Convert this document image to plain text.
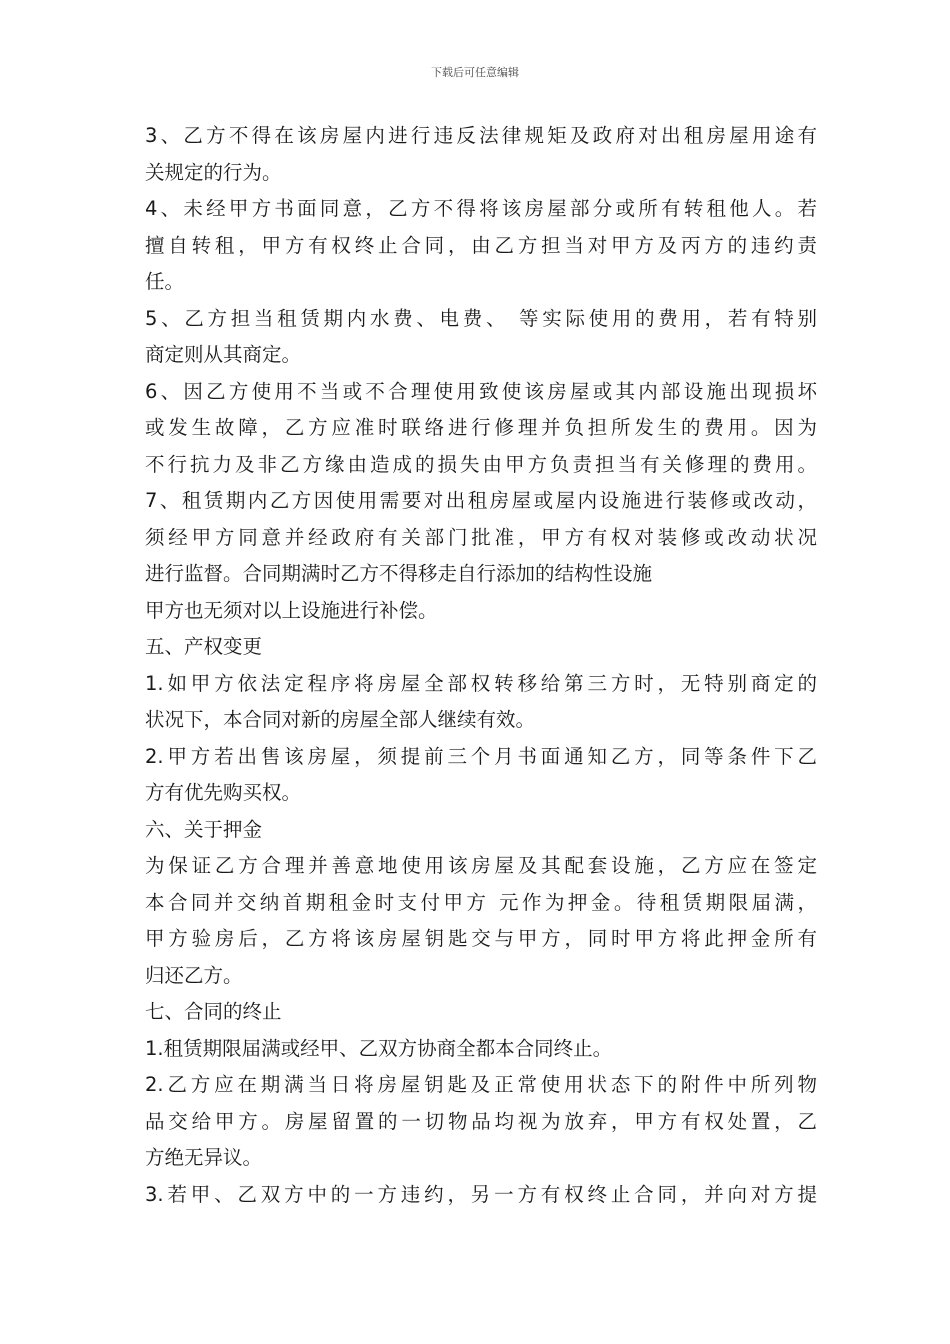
下载后可任意编辑
3、乙方不得在该房屋内进行违反法律规矩及政府对出租房屋用途有
关规定的行为。
4、未经甲方书面同意，乙方不得将该房屋部分或所有转租他人。若
擅自转租，甲方有权终止合同，由乙方担当对甲方及丙方的违约责
任。
5、乙方担当租赁期内水费、电费、 等实际使用的费用，若有特别
商定则从其商定。
6、因乙方使用不当或不合理使用致使该房屋或其内部设施出现损坏
或发生故障，乙方应准时联络进行修理并负担所发生的费用。因为
不行抗力及非乙方缘由造成的损失由甲方负责担当有关修理的费用。
7、租赁期内乙方因使用需要对出租房屋或屋内设施进行装修或改动，
须经甲方同意并经政府有关部门批准，甲方有权对装修或改动状况
进行监督。合同期满时乙方不得移走自行添加的结构性设施
甲方也无须对以上设施进行补偿。
五、产权变更
1.如甲方依法定程序将房屋全部权转移给第三方时，无特别商定的
状况下，本合同对新的房屋全部人继续有效。
2.甲方若出售该房屋，须提前三个月书面通知乙方，同等条件下乙
方有优先购买权。
六、关于押金
为保证乙方合理并善意地使用该房屋及其配套设施，乙方应在签定
本合同并交纳首期租金时支付甲方 元作为押金。待租赁期限届满，
甲方验房后，乙方将该房屋钥匙交与甲方，同时甲方将此押金所有
归还乙方。
七、合同的终止
1.租赁期限届满或经甲、乙双方协商全都本合同终止。
2.乙方应在期满当日将房屋钥匙及正常使用状态下的附件中所列物
品交给甲方。房屋留置的一切物品均视为放弃，甲方有权处置，乙
方绝无异议。
3.若甲、乙双方中的一方违约，另一方有权终止合同，并向对方提
